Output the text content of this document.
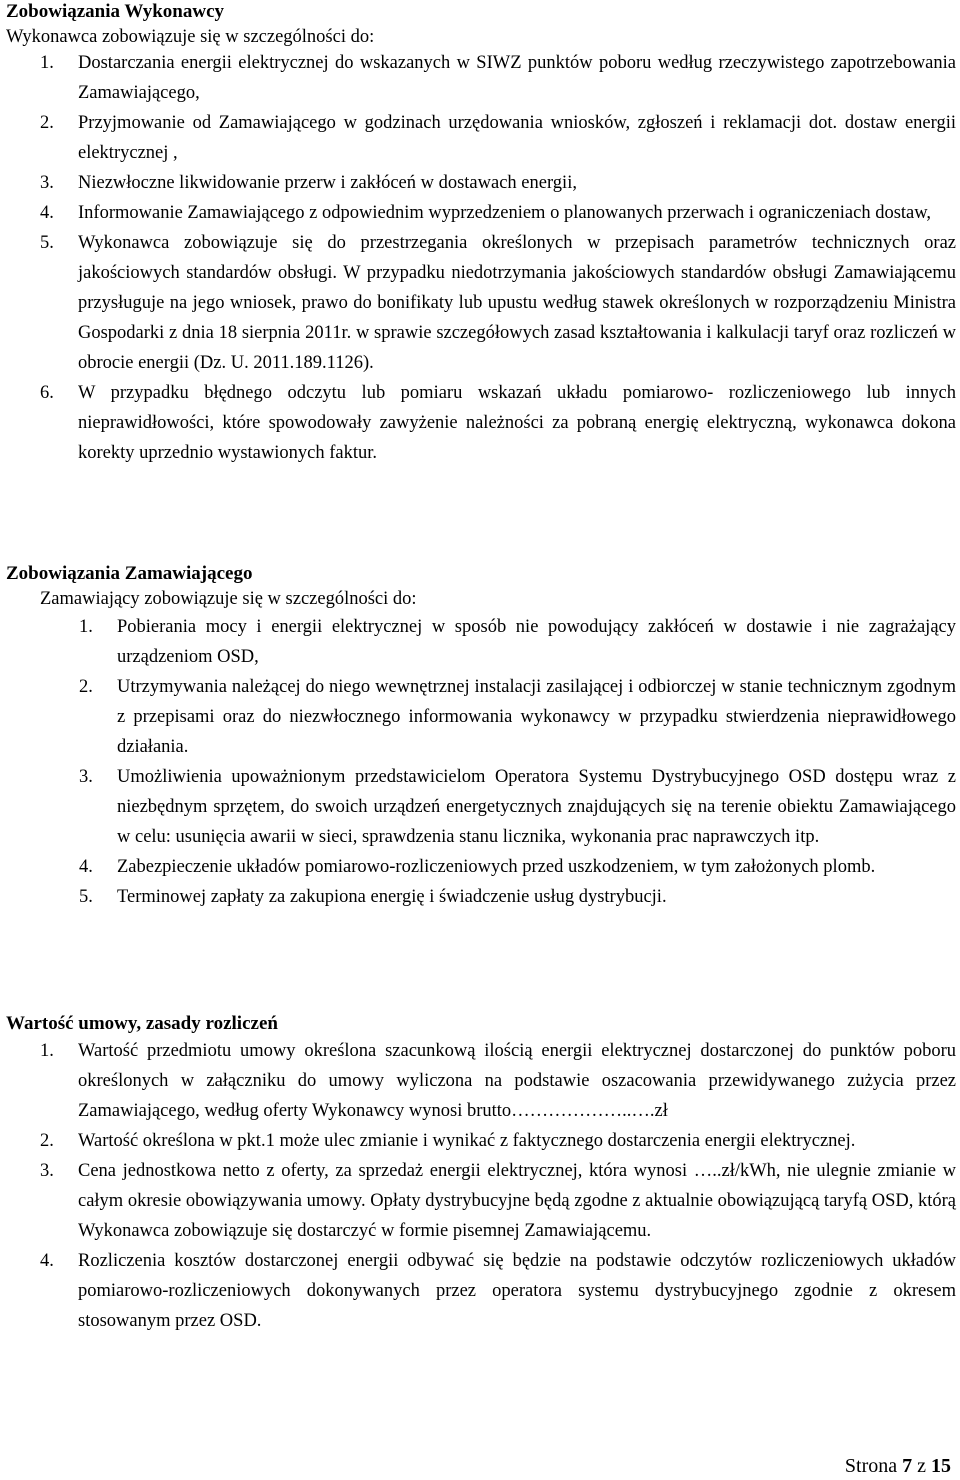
Zobowiązania Wykonawcy
Wykonawca zobowiązuje się w szczególności do:
1. Dostarczania energii elektrycznej do wskazanych w SIWZ punktów poboru według rzeczywistego zapotrzebowania Zamawiającego,
2. Przyjmowanie od Zamawiającego w godzinach urzędowania wniosków, zgłoszeń i reklamacji dot. dostaw energii elektrycznej ,
3. Niezwłoczne likwidowanie przerw i zakłóceń w dostawach energii,
4. Informowanie Zamawiającego z odpowiednim wyprzedzeniem o planowanych przerwach i ograniczeniach dostaw,
5. Wykonawca zobowiązuje się do przestrzegania określonych w przepisach parametrów technicznych oraz jakościowych standardów obsługi. W przypadku niedotrzymania jakościowych standardów obsługi Zamawiającemu przysługuje na jego wniosek, prawo do bonifikaty lub upustu według stawek określonych w rozporządzeniu Ministra Gospodarki z dnia 18 sierpnia 2011r. w sprawie szczegółowych zasad kształtowania i kalkulacji taryf oraz rozliczeń w obrocie energii (Dz. U. 2011.189.1126).
6. W przypadku błędnego odczytu lub pomiaru wskazań układu pomiarowo- rozliczeniowego lub innych nieprawidłowości, które spowodowały zawyżenie należności za pobraną energię elektryczną, wykonawca dokona korekty uprzednio wystawionych faktur.
Zobowiązania Zamawiającego
Zamawiający zobowiązuje się w szczególności do:
1. Pobierania mocy i energii elektrycznej w sposób nie powodujący zakłóceń w dostawie i nie zagrażający urządzeniom OSD,
2. Utrzymywania należącej do niego wewnętrznej instalacji zasilającej i odbiorczej w stanie technicznym zgodnym z przepisami oraz do niezwłocznego informowania wykonawcy w przypadku stwierdzenia nieprawidłowego działania.
3. Umożliwienia upoważnionym przedstawicielom Operatora Systemu Dystrybucyjnego OSD dostępu wraz z niezbędnym sprzętem, do swoich urządzeń energetycznych znajdujących się na terenie obiektu Zamawiającego w celu: usunięcia awarii w sieci, sprawdzenia stanu licznika, wykonania prac naprawczych itp.
4. Zabezpieczenie układów pomiarowo-rozliczeniowych przed uszkodzeniem, w tym założonych plomb.
5. Terminowej zapłaty za zakupiona energię i świadczenie usług dystrybucji.
Wartość umowy, zasady rozliczeń
1. Wartość przedmiotu umowy określona szacunkową ilością energii elektrycznej dostarczonej do punktów poboru określonych w załączniku do umowy wyliczona na podstawie oszacowania przewidywanego zużycia przez Zamawiającego, według oferty Wykonawcy wynosi brutto………………..….zł
2. Wartość określona w pkt.1 może ulec zmianie i wynikać z faktycznego dostarczenia energii elektrycznej.
3. Cena jednostkowa netto z oferty, za sprzedaż energii elektrycznej, która wynosi …..zł/kWh, nie ulegnie zmianie w całym okresie obowiązywania umowy. Opłaty dystrybucyjne będą zgodne z aktualnie obowiązującą taryfą OSD, którą Wykonawca zobowiązuje się dostarczyć w formie pisemnej Zamawiającemu.
4. Rozliczenia kosztów dostarczonej energii odbywać się będzie na podstawie odczytów rozliczeniowych układów pomiarowo-rozliczeniowych dokonywanych przez operatora systemu dystrybucyjnego zgodnie z okresem stosowanym przez OSD.
Strona 7 z 15
